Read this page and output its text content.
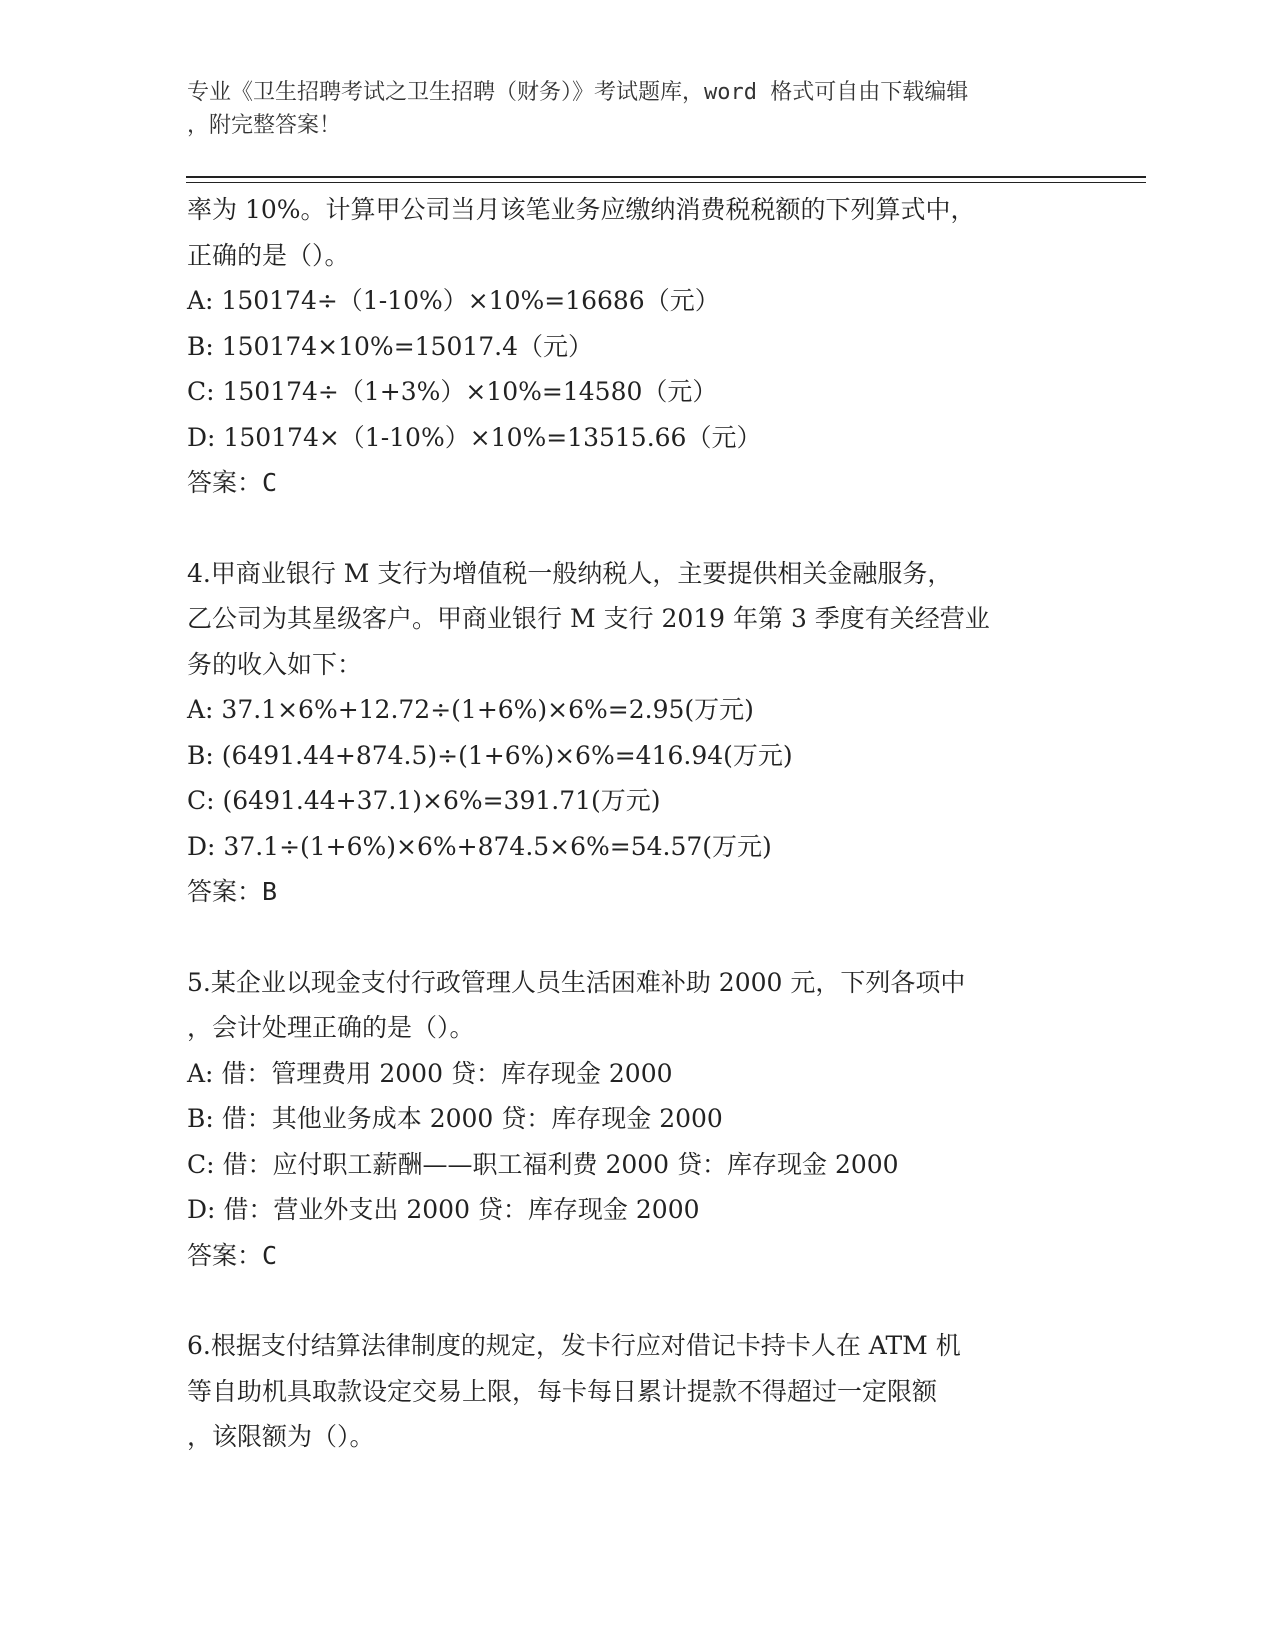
专业《卫生招聘考试之卫生招聘（财务）》考试题库，word 格式可自由下载编辑
，附完整答案！
率为 10%。计算甲公司当月该笔业务应缴纳消费税税额的下列算式中，
正确的是（）。
A: 150174÷（1-10%）×10%=16686（元）
B: 150174×10%=15017.4（元）
C: 150174÷（1+3%）×10%=14580（元）
D: 150174×（1-10%）×10%=13515.66（元）
答案：C
4.甲商业银行 M 支行为增值税一般纳税人，主要提供相关金融服务，
乙公司为其星级客户。甲商业银行 M 支行 2019 年第 3 季度有关经营业
务的收入如下：
A: 37.1×6%+12.72÷(1+6%)×6%=2.95(万元)
B: (6491.44+874.5)÷(1+6%)×6%=416.94(万元)
C: (6491.44+37.1)×6%=391.71(万元)
D: 37.1÷(1+6%)×6%+874.5×6%=54.57(万元)
答案：B
5.某企业以现金支付行政管理人员生活困难补助 2000 元，下列各项中
，会计处理正确的是（）。
A: 借：管理费用 2000 贷：库存现金 2000
B: 借：其他业务成本 2000 贷：库存现金 2000
C: 借：应付职工薪酬——职工福利费 2000 贷：库存现金 2000
D: 借：营业外支出 2000 贷：库存现金 2000
答案：C
6.根据支付结算法律制度的规定，发卡行应对借记卡持卡人在 ATM 机
等自助机具取款设定交易上限，每卡每日累计提款不得超过一定限额
，该限额为（）。
